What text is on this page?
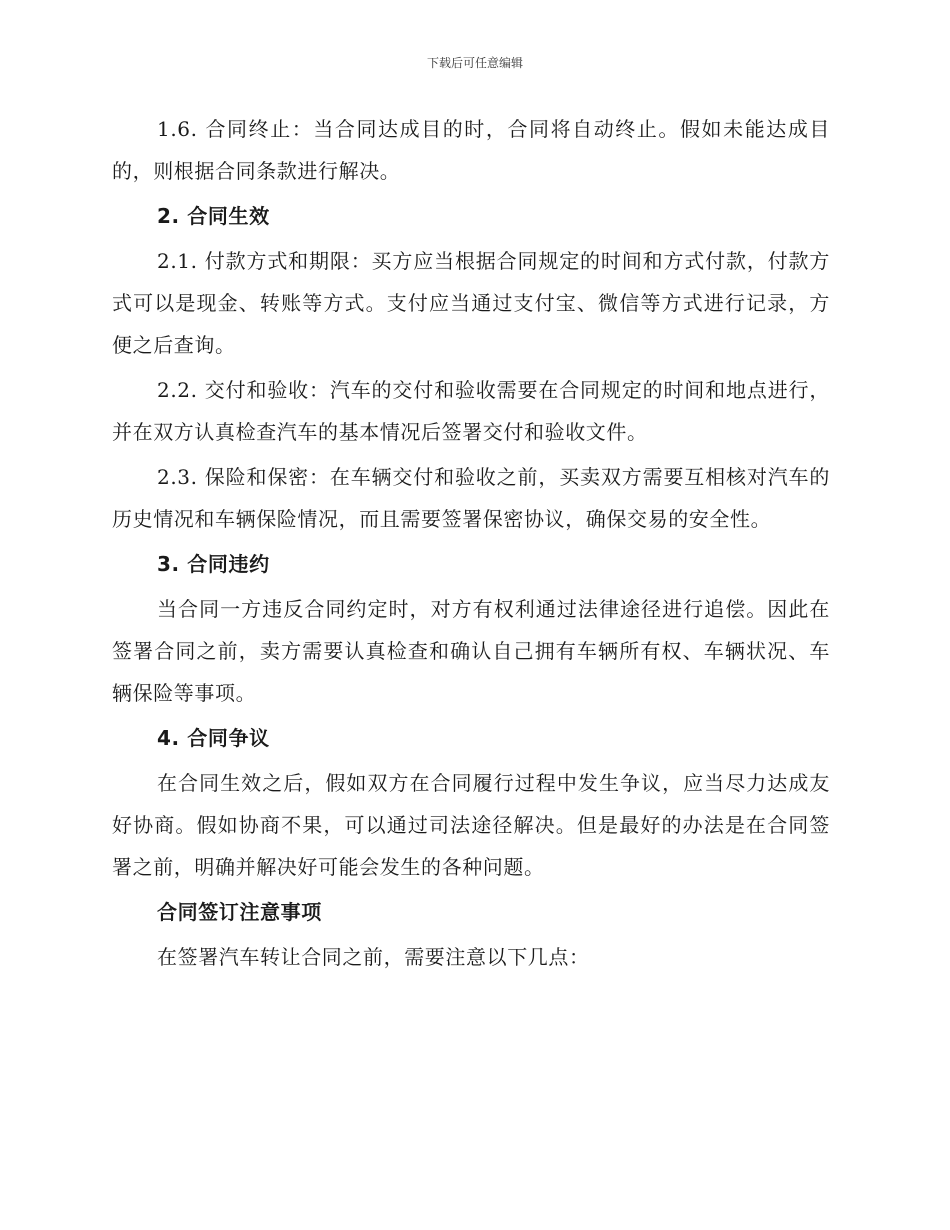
下载后可任意编辑

1.6. 合同终止：当合同达成目的时，合同将自动终止。假如未能达成目的，则根据合同条款进行解决。

2. 合同生效

2.1. 付款方式和期限：买方应当根据合同规定的时间和方式付款，付款方式可以是现金、转账等方式。支付应当通过支付宝、微信等方式进行记录，方便之后查询。

2.2. 交付和验收：汽车的交付和验收需要在合同规定的时间和地点进行，并在双方认真检查汽车的基本情况后签署交付和验收文件。

2.3. 保险和保密：在车辆交付和验收之前，买卖双方需要互相核对汽车的历史情况和车辆保险情况，而且需要签署保密协议，确保交易的安全性。

3. 合同违约

当合同一方违反合同约定时，对方有权利通过法律途径进行追偿。因此在签署合同之前，卖方需要认真检查和确认自己拥有车辆所有权、车辆状况、车辆保险等事项。

4. 合同争议

在合同生效之后，假如双方在合同履行过程中发生争议，应当尽力达成友好协商。假如协商不果，可以通过司法途径解决。但是最好的办法是在合同签署之前，明确并解决好可能会发生的各种问题。

合同签订注意事项

在签署汽车转让合同之前，需要注意以下几点：
